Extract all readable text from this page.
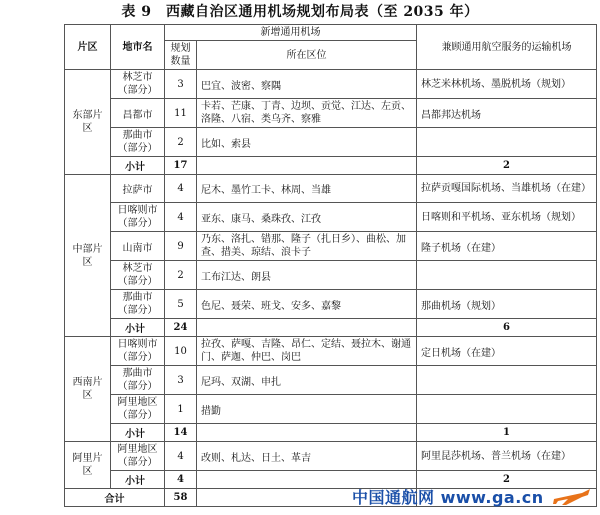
表 9　西藏自治区通用机场规划布局表（至 2035 年）
片区	地市名	新增通用机场		兼顾通用航空服务的运输机场
		规划数量	所在区位	
东部片区	林芝市（部分）	3	巴宜、波密、察隅	林芝米林机场、墨脱机场（规划）
	昌都市	11	卡若、芒康、丁青、边坝、贡觉、江达、左贡、洛隆、八宿、类乌齐、察雅	昌都邦达机场
	那曲市（部分）	2	比如、索县	
	小计	17		2
中部片区	拉萨市	4	尼木、墨竹工卡、林周、当雄	拉萨贡嘎国际机场、当雄机场（在建）
	日喀则市（部分）	4	亚东、康马、桑珠孜、江孜	日喀则和平机场、亚东机场（规划）
	山南市	9	乃东、洛扎、错那、隆子（扎日乡）、曲松、加查、措美、琼结、浪卡子	隆子机场（在建）
	林芝市（部分）	2	工布江达、朗县	
	那曲市（部分）	5	色尼、聂荣、班戈、安多、嘉黎	那曲机场（规划）
	小计	24		6
西南片区	日喀则市（部分）	10	拉孜、萨嘎、吉隆、昂仁、定结、聂拉木、谢通门、萨迦、仲巴、岗巴	定日机场（在建）
	那曲市（部分）	3	尼玛、双湖、申扎	
	阿里地区（部分）	1	措勤	
	小计	14		1
阿里片区	阿里地区（部分）	4	改则、札达、日土、革吉	阿里昆莎机场、普兰机场（在建）
	小计	4		2
合计		58			中国通航网 www.ga.cn
